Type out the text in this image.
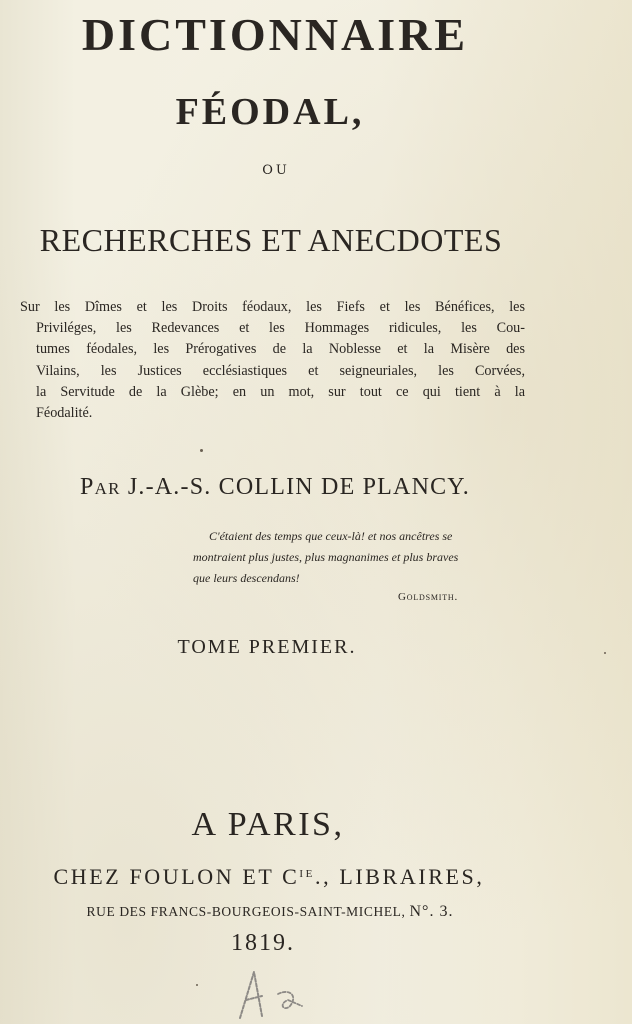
DICTIONNAIRE
FÉODAL,
OU
RECHERCHES ET ANECDOTES
Sur les Dîmes et les Droits féodaux, les Fiefs et les Bénéfices, les
Priviléges, les Redevances et les Hommages ridicules, les Cou-
tumes féodales, les Prérogatives de la Noblesse et la Misère des
Vilains, les Justices ecclésiastiques et seigneuriales, les Corvées,
la Servitude de la Glèbe; en un mot, sur tout ce qui tient à la
Féodalité.
PAR J.-A.-S. COLLIN DE PLANCY.
C'étaient des temps que ceux-là! et nos ancêtres se
montraient plus justes, plus magnanimes et plus braves
que leurs descendans!
Goldsmith.
TOME PREMIER.
A PARIS,
CHEZ FOULON ET $C^{IE}$., LIBRAIRES,
RUE DES FRANCS-BOURGEOIS-SAINT-MICHEL, N°. 3.
1819.
